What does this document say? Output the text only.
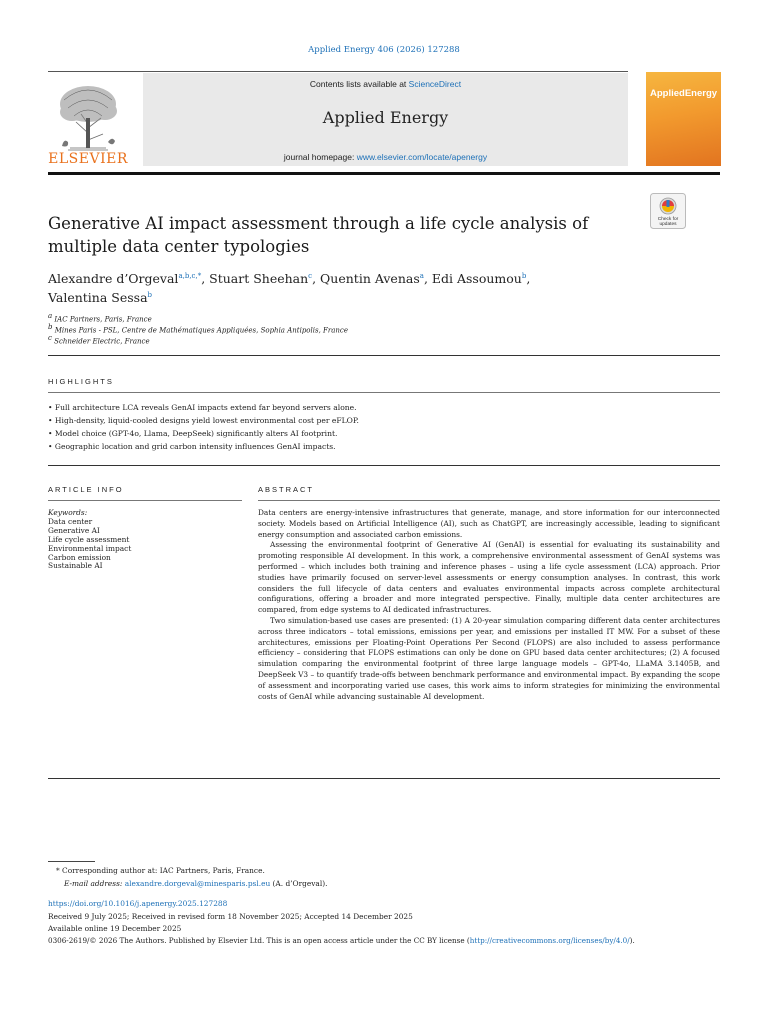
Applied Energy 406 (2026) 127288
Contents lists available at ScienceDirect
Applied Energy
journal homepage: www.elsevier.com/locate/apenergy
ELSEVIER
AppliedEnergy
Generative AI impact assessment through a life cycle analysis of multiple data center typologies
Check for
updates
Alexandre d’Orgeval$^{a,b,c,*}$, Stuart Sheehan$^c$, Quentin Avenas$^a$, Edi Assoumou$^b$,
Valentina Sessa$^b$
$^a$ IAC Partners, Paris, France
$^b$ Mines Paris - PSL, Centre de Mathématiques Appliquées, Sophia Antipolis, France
$^c$ Schneider Electric, France
HIGHLIGHTS
• Full architecture LCA reveals GenAI impacts extend far beyond servers alone.
• High-density, liquid-cooled designs yield lowest environmental cost per eFLOP.
• Model choice (GPT-4o, Llama, DeepSeek) significantly alters AI footprint.
• Geographic location and grid carbon intensity influences GenAI impacts.
ARTICLE INFO	ABSTRACT
Keywords:
Data center
Generative AI
Life cycle assessment
Environmental impact
Carbon emission
Sustainable AI

Data centers are energy-intensive infrastructures that generate, manage, and store information for our interconnected society. Models based on Artificial Intelligence (AI), such as ChatGPT, are increasingly accessible, leading to significant energy consumption and associated carbon emissions.

Assessing the environmental footprint of Generative AI (GenAI) is essential for evaluating its sustainability and promoting responsible AI development. In this work, a comprehensive environmental assessment of GenAI systems was performed – which includes both training and inference phases – using a life cycle assessment (LCA) approach. Prior studies have primarily focused on server-level assessments or energy consumption analyses. In contrast, this work considers the full lifecycle of data centers and evaluates environmental impacts across complete architectural configurations, offering a broader and more integrated perspective. Finally, multiple data center architectures are compared, from edge systems to AI dedicated infrastructures.

Two simulation-based use cases are presented: (1) A 20-year simulation comparing different data center architectures across three indicators – total emissions, emissions per year, and emissions per installed IT MW. For a subset of these architectures, emissions per Floating-Point Operations Per Second (FLOPS) are also included to assess performance efficiency – considering that FLOPS estimations can only be done on GPU based data center architectures; (2) A focused simulation comparing the environmental footprint of three large language models – GPT-4o, LLaMA 3.1405B, and DeepSeek V3 – to quantify trade-offs between benchmark performance and environmental impact. By expanding the scope of assessment and incorporating varied use cases, this work aims to inform strategies for minimizing the environmental costs of GenAI while advancing sustainable AI development.

* Corresponding author at: IAC Partners, Paris, France.
E-mail address: alexandre.dorgeval@minesparis.psl.eu (A. d’Orgeval).
https://doi.org/10.1016/j.apenergy.2025.127288
Received 9 July 2025; Received in revised form 18 November 2025; Accepted 14 December 2025
Available online 19 December 2025
0306-2619/© 2026 The Authors. Published by Elsevier Ltd. This is an open access article under the CC BY license (http://creativecommons.org/licenses/by/4.0/).
